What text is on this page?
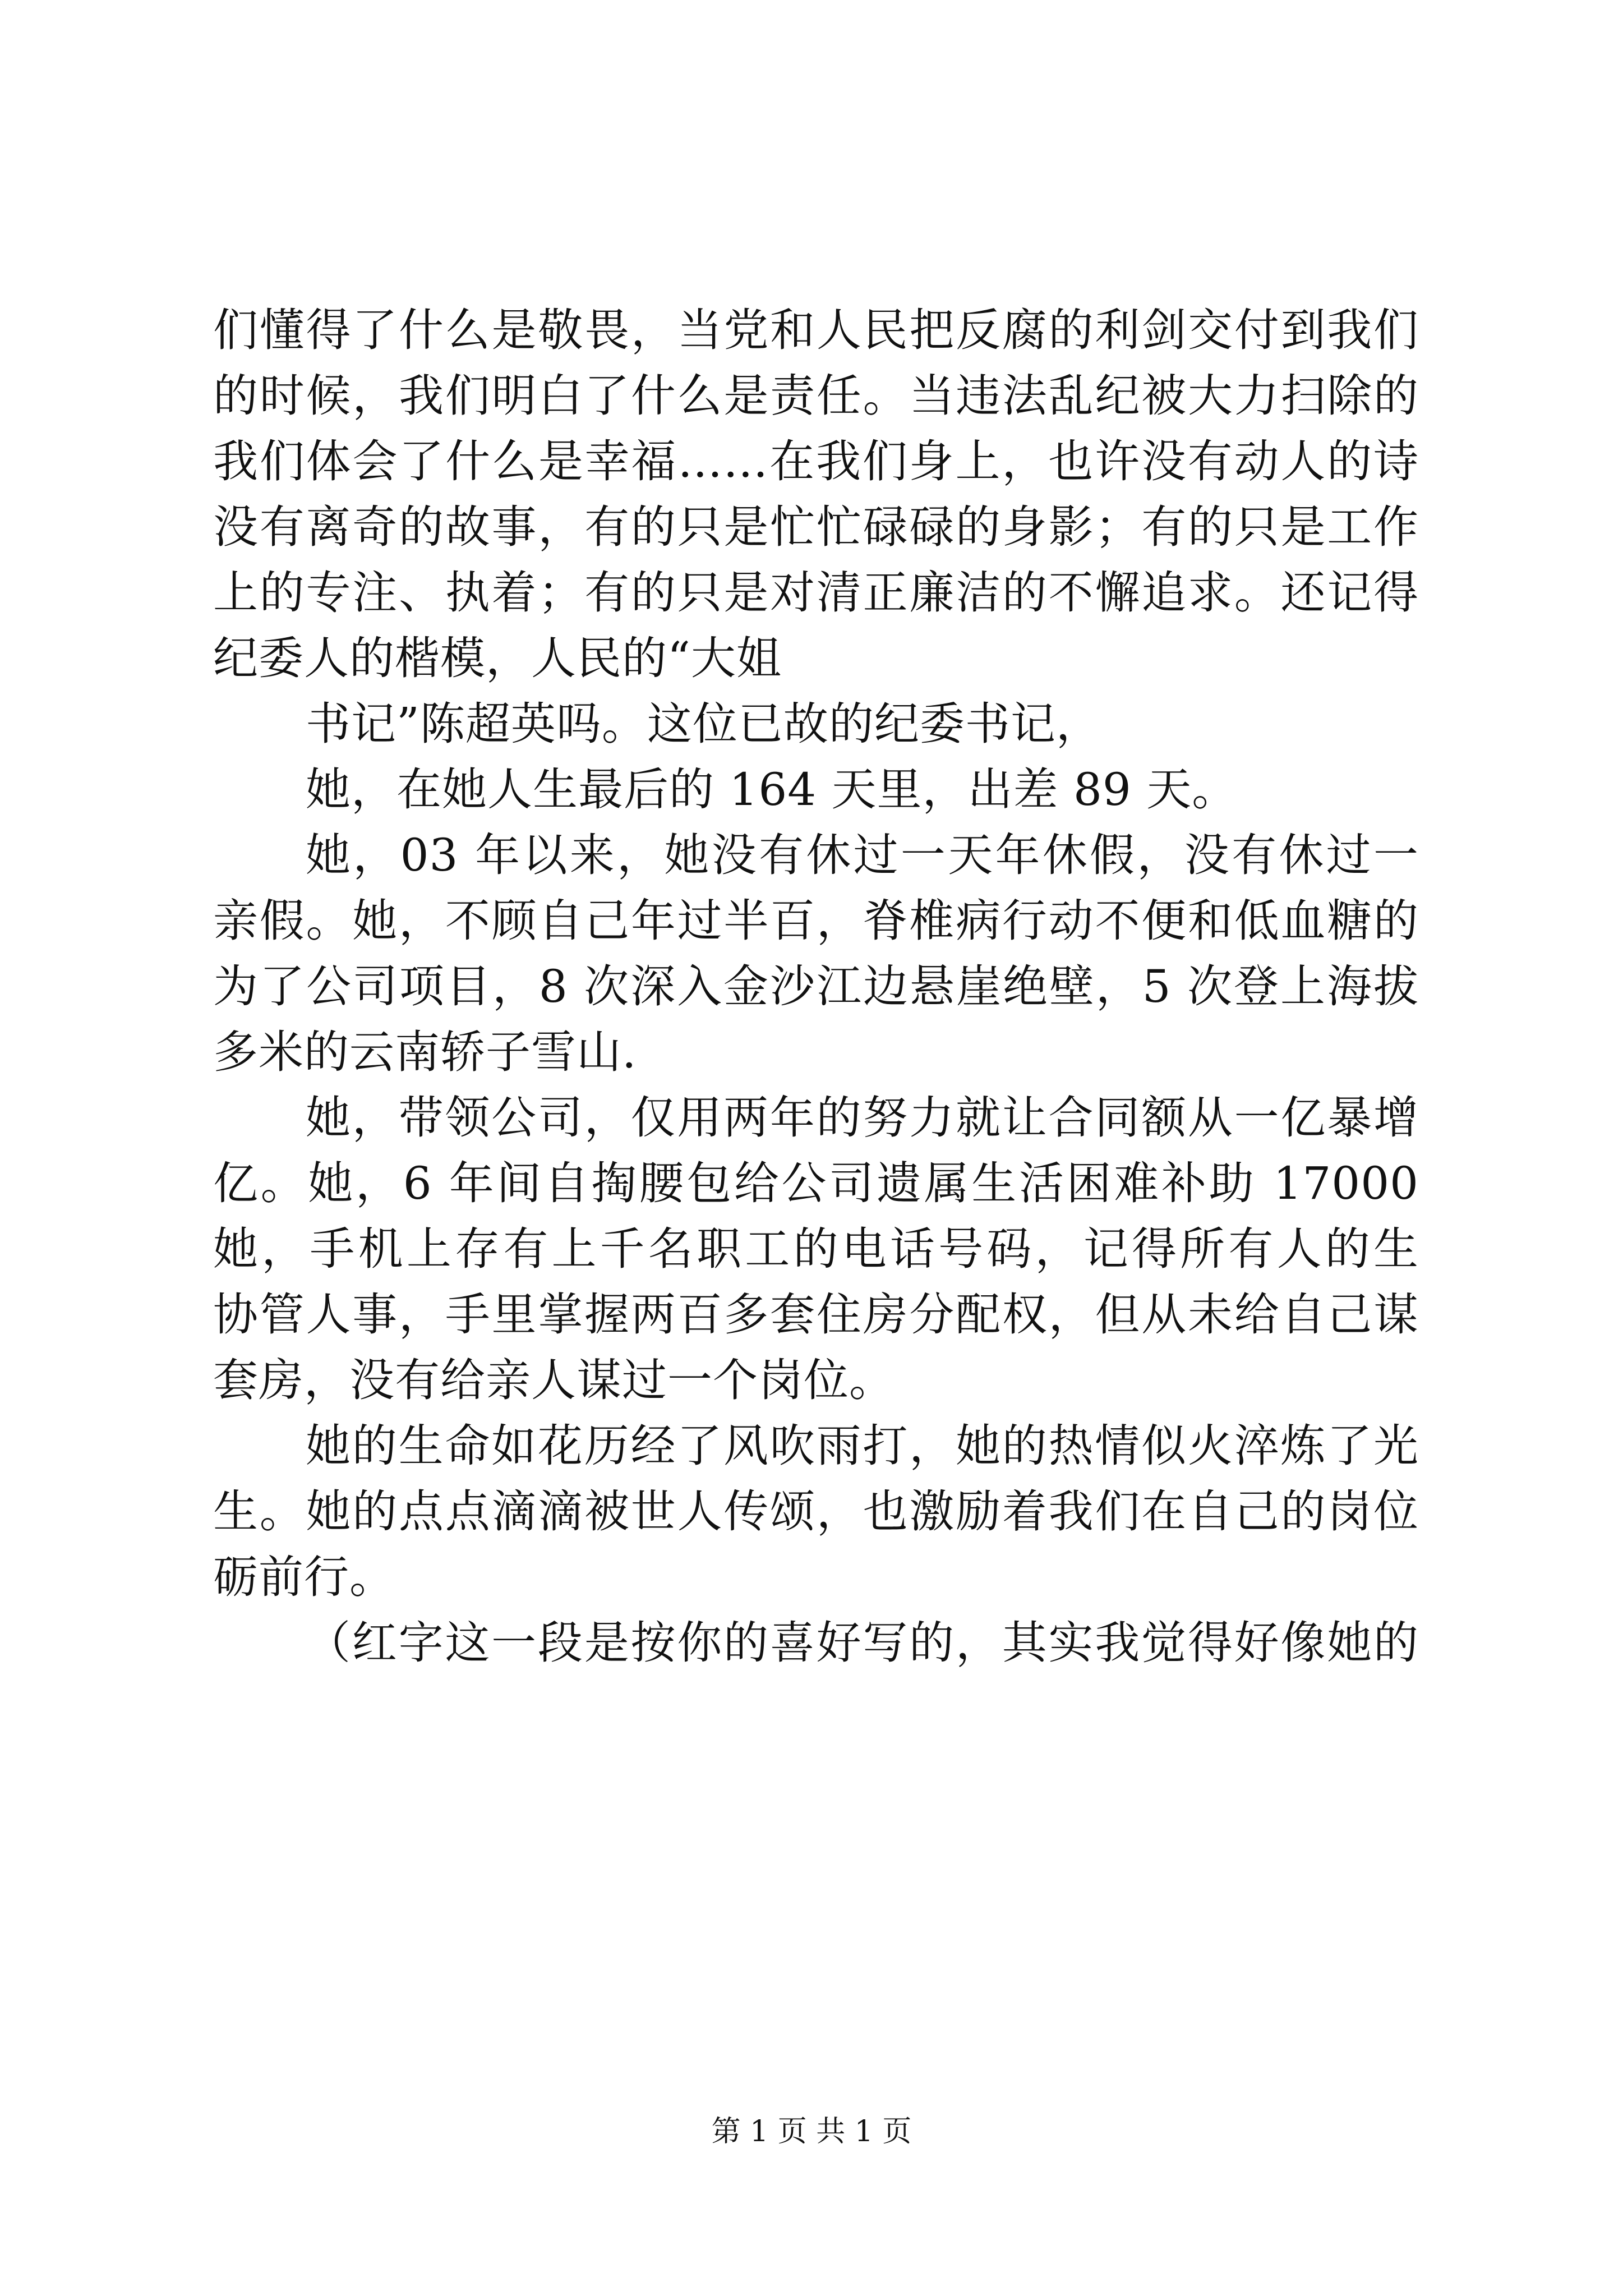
们懂得了什么是敬畏，当党和人民把反腐的利剑交付到我们
的时候，我们明白了什么是责任。当违法乱纪被大力扫除的
我们体会了什么是幸福……在我们身上，也许没有动人的诗
没有离奇的故事，有的只是忙忙碌碌的身影；有的只是工作
上的专注、执着；有的只是对清正廉洁的不懈追求。还记得
纪委人的楷模，人民的“大姐
书记”陈超英吗。这位已故的纪委书记，
她，在她人生最后的 164 天里，出差 89 天。
她，03 年以来，她没有休过一天年休假，没有休过一
亲假。她，不顾自己年过半百，脊椎病行动不便和低血糖的
为了公司项目，8 次深入金沙江边悬崖绝壁，5 次登上海拔
多米的云南轿子雪山.
她，带领公司，仅用两年的努力就让合同额从一亿暴增
亿。她，6 年间自掏腰包给公司遗属生活困难补助 17000
她，手机上存有上千名职工的电话号码，记得所有人的生
协管人事，手里掌握两百多套住房分配权，但从未给自己谋
套房，没有给亲人谋过一个岗位。
她的生命如花历经了风吹雨打，她的热情似火淬炼了光
生。她的点点滴滴被世人传颂，也激励着我们在自己的岗位
砺前行。
（红字这一段是按你的喜好写的，其实我觉得好像她的
第 1 页 共 1 页
